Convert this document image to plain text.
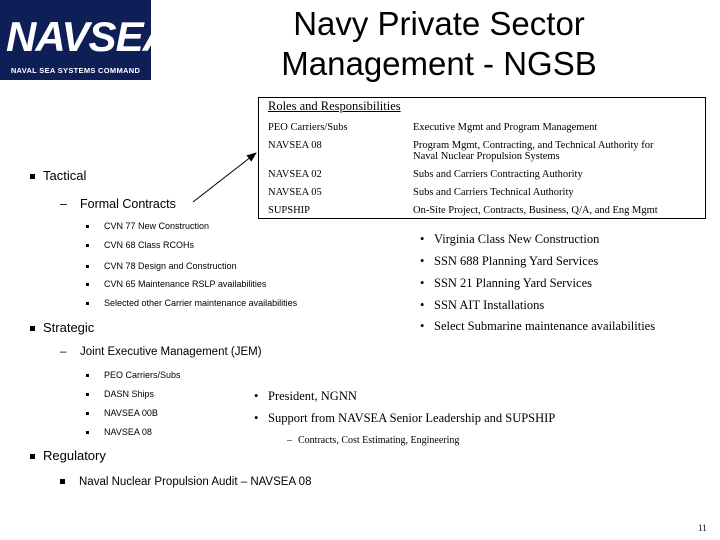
NAVSEA
NAVAL SEA SYSTEMS COMMAND
Navy Private Sector
Management - NGSB
Roles and Responsibilities
PEO Carriers/Subs	Executive Mgmt and Program Management
NAVSEA 08	Program Mgmt, Contracting, and Technical Authority for
Naval Nuclear Propulsion Systems
NAVSEA 02	Subs and Carriers Contracting Authority
NAVSEA 05	Subs and Carriers Technical Authority
SUPSHIP	On-Site Project, Contracts, Business, Q/A, and Eng Mgmt
Tactical
– Formal Contracts
CVN 77 New Construction
CVN 68 Class RCOHs
CVN 78 Design and Construction
CVN 65 Maintenance RSLP availabilities
Selected other Carrier maintenance availabilities
• Virginia Class New Construction
• SSN 688 Planning Yard Services
• SSN 21 Planning Yard Services
• SSN AIT Installations
• Select Submarine maintenance availabilities
Strategic
– Joint Executive Management (JEM)
PEO Carriers/Subs
DASN Ships
NAVSEA 00B
NAVSEA 08
• President, NGNN
• Support from NAVSEA Senior Leadership and SUPSHIP
– Contracts, Cost Estimating, Engineering
Regulatory
Naval Nuclear Propulsion Audit – NAVSEA 08
11
